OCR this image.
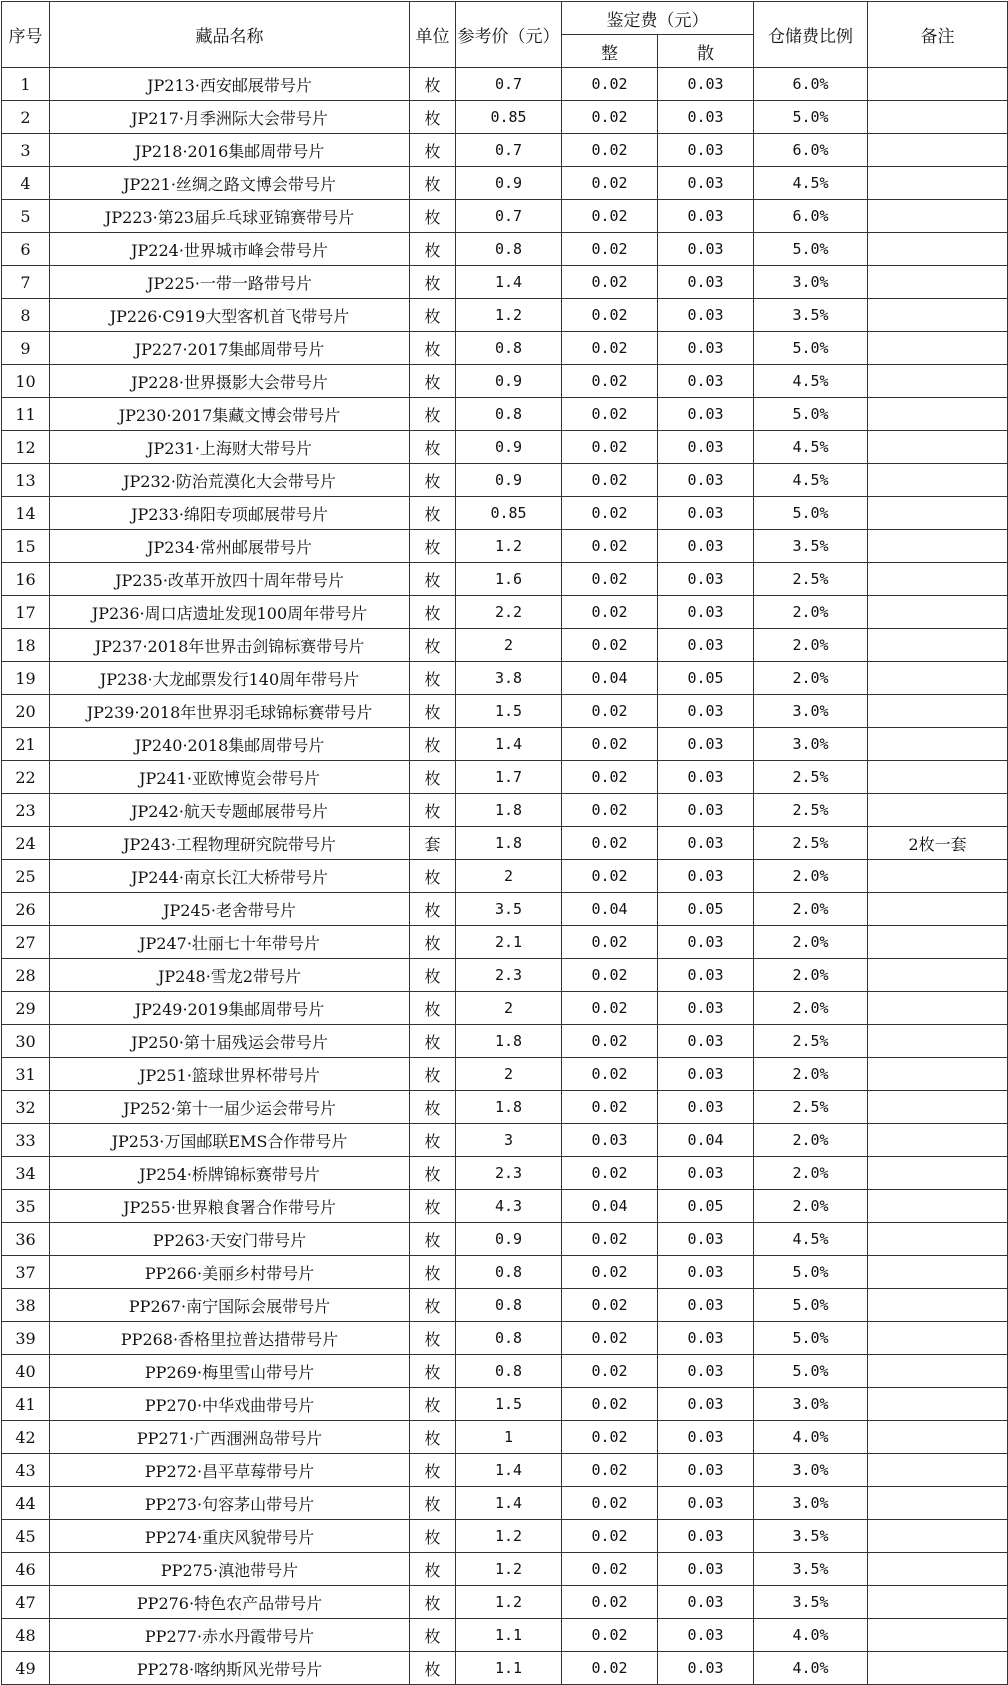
序号	藏品名称	单位	参考价（元）	鉴定费（元）		仓储费比例	备注
				整	散		
1	JP213·西安邮展带号片	枚	0.7	0.02	0.03	6.0%	
2	JP217·月季洲际大会带号片	枚	0.85	0.02	0.03	5.0%	
3	JP218·2016集邮周带号片	枚	0.7	0.02	0.03	6.0%	
4	JP221·丝绸之路文博会带号片	枚	0.9	0.02	0.03	4.5%	
5	JP223·第23届乒乓球亚锦赛带号片	枚	0.7	0.02	0.03	6.0%	
6	JP224·世界城市峰会带号片	枚	0.8	0.02	0.03	5.0%	
7	JP225·一带一路带号片	枚	1.4	0.02	0.03	3.0%	
8	JP226·C919大型客机首飞带号片	枚	1.2	0.02	0.03	3.5%	
9	JP227·2017集邮周带号片	枚	0.8	0.02	0.03	5.0%	
10	JP228·世界摄影大会带号片	枚	0.9	0.02	0.03	4.5%	
11	JP230·2017集藏文博会带号片	枚	0.8	0.02	0.03	5.0%	
12	JP231·上海财大带号片	枚	0.9	0.02	0.03	4.5%	
13	JP232·防治荒漠化大会带号片	枚	0.9	0.02	0.03	4.5%	
14	JP233·绵阳专项邮展带号片	枚	0.85	0.02	0.03	5.0%	
15	JP234·常州邮展带号片	枚	1.2	0.02	0.03	3.5%	
16	JP235·改革开放四十周年带号片	枚	1.6	0.02	0.03	2.5%	
17	JP236·周口店遗址发现100周年带号片	枚	2.2	0.02	0.03	2.0%	
18	JP237·2018年世界击剑锦标赛带号片	枚	2	0.02	0.03	2.0%	
19	JP238·大龙邮票发行140周年带号片	枚	3.8	0.04	0.05	2.0%	
20	JP239·2018年世界羽毛球锦标赛带号片	枚	1.5	0.02	0.03	3.0%	
21	JP240·2018集邮周带号片	枚	1.4	0.02	0.03	3.0%	
22	JP241·亚欧博览会带号片	枚	1.7	0.02	0.03	2.5%	
23	JP242·航天专题邮展带号片	枚	1.8	0.02	0.03	2.5%	
24	JP243·工程物理研究院带号片	套	1.8	0.02	0.03	2.5%	2枚一套
25	JP244·南京长江大桥带号片	枚	2	0.02	0.03	2.0%	
26	JP245·老舍带号片	枚	3.5	0.04	0.05	2.0%	
27	JP247·壮丽七十年带号片	枚	2.1	0.02	0.03	2.0%	
28	JP248·雪龙2带号片	枚	2.3	0.02	0.03	2.0%	
29	JP249·2019集邮周带号片	枚	2	0.02	0.03	2.0%	
30	JP250·第十届残运会带号片	枚	1.8	0.02	0.03	2.5%	
31	JP251·篮球世界杯带号片	枚	2	0.02	0.03	2.0%	
32	JP252·第十一届少运会带号片	枚	1.8	0.02	0.03	2.5%	
33	JP253·万国邮联EMS合作带号片	枚	3	0.03	0.04	2.0%	
34	JP254·桥牌锦标赛带号片	枚	2.3	0.02	0.03	2.0%	
35	JP255·世界粮食署合作带号片	枚	4.3	0.04	0.05	2.0%	
36	PP263·天安门带号片	枚	0.9	0.02	0.03	4.5%	
37	PP266·美丽乡村带号片	枚	0.8	0.02	0.03	5.0%	
38	PP267·南宁国际会展带号片	枚	0.8	0.02	0.03	5.0%	
39	PP268·香格里拉普达措带号片	枚	0.8	0.02	0.03	5.0%	
40	PP269·梅里雪山带号片	枚	0.8	0.02	0.03	5.0%	
41	PP270·中华戏曲带号片	枚	1.5	0.02	0.03	3.0%	
42	PP271·广西涠洲岛带号片	枚	1	0.02	0.03	4.0%	
43	PP272·昌平草莓带号片	枚	1.4	0.02	0.03	3.0%	
44	PP273·句容茅山带号片	枚	1.4	0.02	0.03	3.0%	
45	PP274·重庆风貌带号片	枚	1.2	0.02	0.03	3.5%	
46	PP275·滇池带号片	枚	1.2	0.02	0.03	3.5%	
47	PP276·特色农产品带号片	枚	1.2	0.02	0.03	3.5%	
48	PP277·赤水丹霞带号片	枚	1.1	0.02	0.03	4.0%	
49	PP278·喀纳斯风光带号片	枚	1.1	0.02	0.03	4.0%	
